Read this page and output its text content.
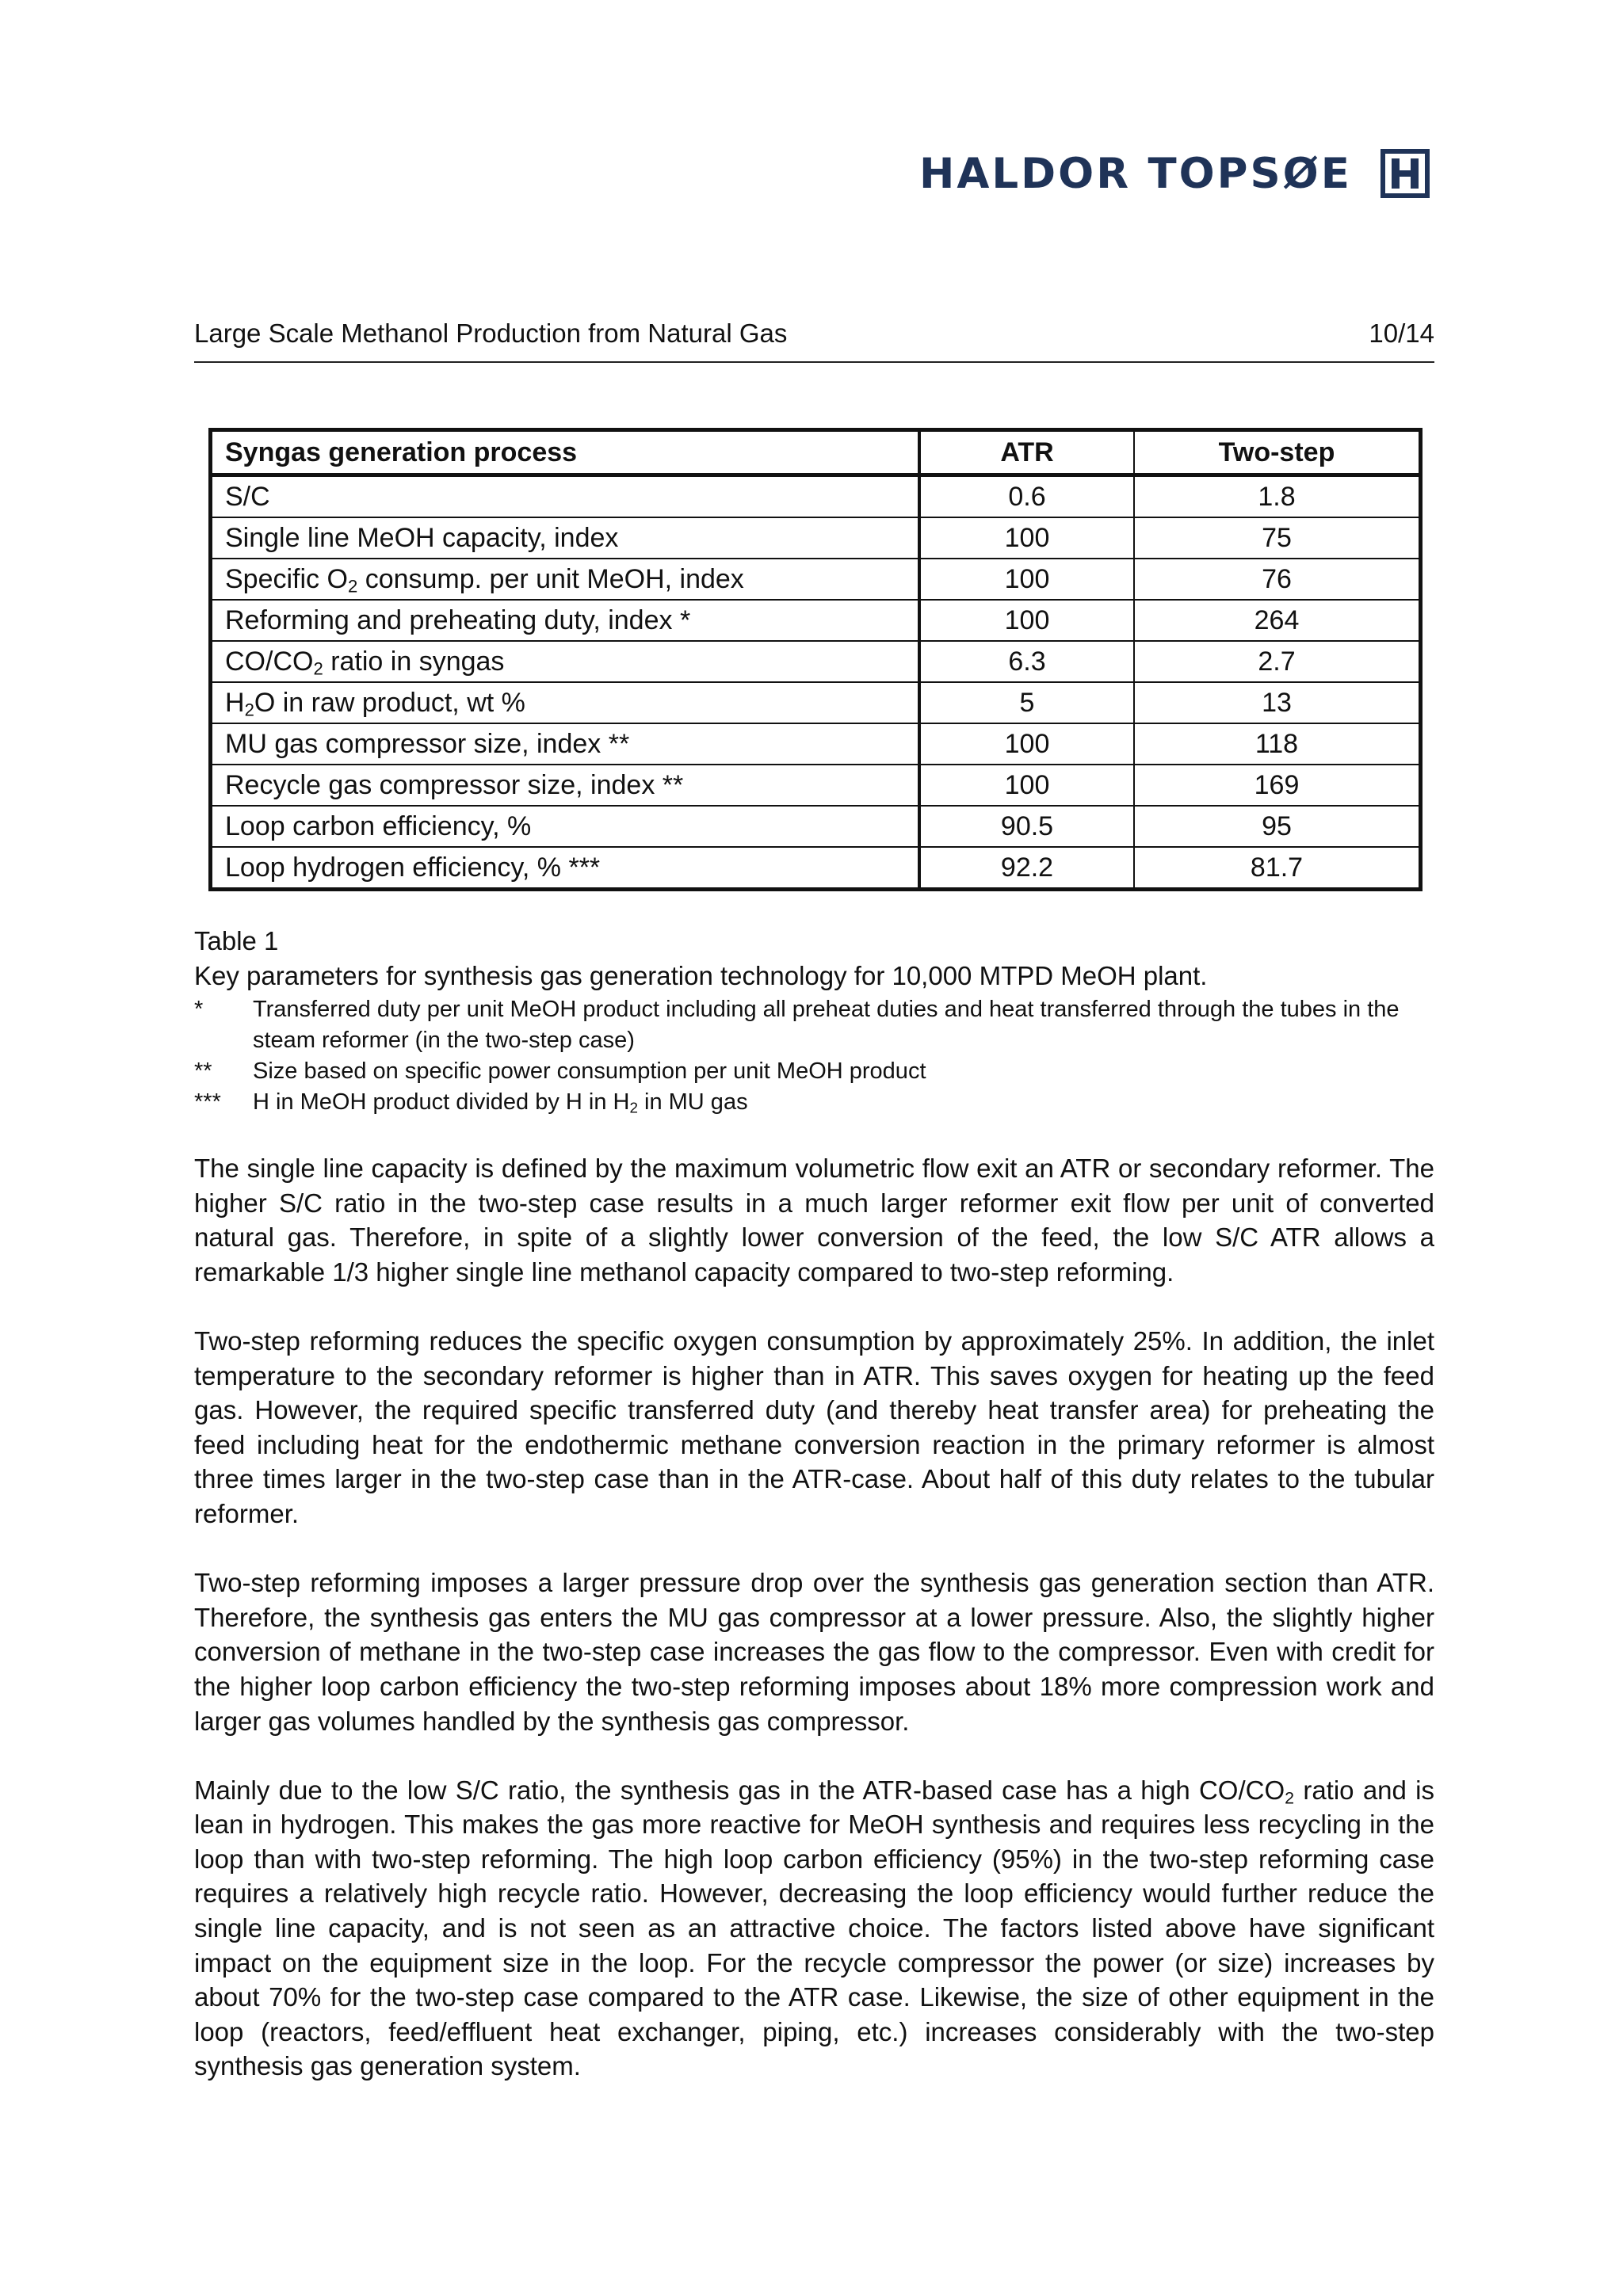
HALDOR TOPSØE
Large Scale Methanol Production from Natural Gas	10/14
Syngas generation process	ATR	Two-step
S/C	0.6	1.8
Single line MeOH capacity, index	100	75
Specific $O_2$ consump. per unit MeOH, index	100	76
Reforming and preheating duty, index *	100	264
$CO/CO_2$ ratio in syngas	6.3	2.7
$H_2O$ in raw product, wt %	5	13
MU gas compressor size, index **	100	118
Recycle gas compressor size, index **	100	169
Loop carbon efficiency, %	90.5	95
Loop hydrogen efficiency, % ***	92.2	81.7
Table 1
Key parameters for synthesis gas generation technology for 10,000 MTPD MeOH plant.
*	Transferred duty per unit MeOH product including all preheat duties and heat transferred through the tubes in the steam reformer (in the two-step case)
**	Size based on specific power consumption per unit MeOH product
***	H in MeOH product divided by H in $H_2$ in MU gas

The single line capacity is defined by the maximum volumetric flow exit an ATR or secondary reformer. The higher S/C ratio in the two-step case results in a much larger reformer exit flow per unit of converted natural gas. Therefore, in spite of a slightly lower conversion of the feed, the low S/C ATR allows a remarkable 1/3 higher single line methanol capacity compared to two-step reforming.

Two-step reforming reduces the specific oxygen consumption by approximately 25%. In addition, the inlet temperature to the secondary reformer is higher than in ATR. This saves oxygen for heating up the feed gas. However, the required specific transferred duty (and thereby heat transfer area) for preheating the feed including heat for the endothermic methane conversion reaction in the primary reformer is almost three times larger in the two-step case than in the ATR-case. About half of this duty relates to the tubular reformer.

Two-step reforming imposes a larger pressure drop over the synthesis gas generation section than ATR. Therefore, the synthesis gas enters the MU gas compressor at a lower pressure. Also, the slightly higher conversion of methane in the two-step case increases the gas flow to the compressor. Even with credit for the higher loop carbon efficiency the two-step reforming imposes about 18% more compression work and larger gas volumes handled by the synthesis gas compressor.

Mainly due to the low S/C ratio, the synthesis gas in the ATR-based case has a high $CO/CO_2$ ratio and is lean in hydrogen. This makes the gas more reactive for MeOH synthesis and requires less recycling in the loop than with two-step reforming. The high loop carbon efficiency (95%) in the two-step reforming case requires a relatively high recycle ratio. However, decreasing the loop efficiency would further reduce the single line capacity, and is not seen as an attractive choice. The factors listed above have significant impact on the equipment size in the loop. For the recycle compressor the power (or size) increases by about 70% for the two-step case compared to the ATR case. Likewise, the size of other equipment in the loop (reactors, feed/effluent heat exchanger, piping, etc.) increases considerably with the two-step synthesis gas generation system.
